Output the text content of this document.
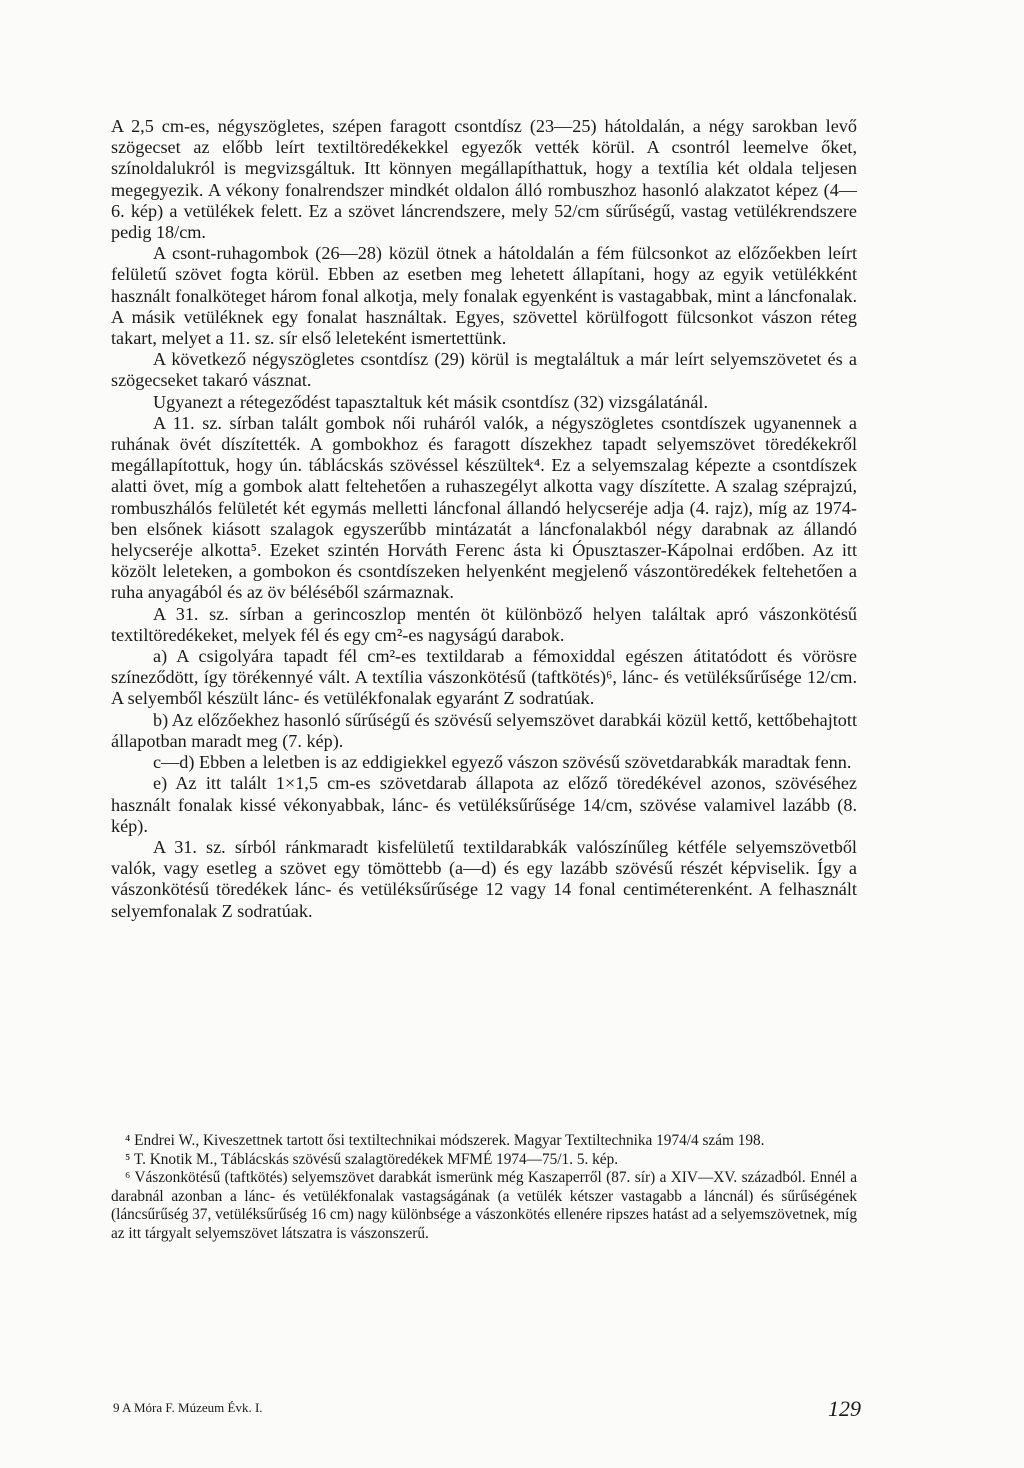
A 2,5 cm-es, négyszögletes, szépen faragott csontdísz (23—25) hátoldalán, a négy sarokban levő szögecset az előbb leírt textiltöredékekkel egyezők vették körül. A csontról leemelve őket, színoldalukról is megvizsgáltuk. Itt könnyen megállapíthattuk, hogy a textília két oldala teljesen megegyezik. A vékony fonalrendszer mindkét oldalon álló rombuszhoz hasonló alakzatot képez (4—6. kép) a vetülékek felett. Ez a szövet láncrendszere, mely 52/cm sűrűségű, vastag vetülékrendszere pedig 18/cm.

A csont-ruhagombok (26—28) közül ötnek a hátoldalán a fém fülcsonkot az előzőekben leírt felületű szövet fogta körül. Ebben az esetben meg lehetett állapítani, hogy az egyik vetülékként használt fonalköteget három fonal alkotja, mely fonalak egyenként is vastagabbak, mint a láncfonalak. A másik vetüléknek egy fonalat használtak. Egyes, szövettel körülfogott fülcsonkot vászon réteg takart, melyet a 11. sz. sír első leleteként ismertettünk.

A következő négyszögletes csontdísz (29) körül is megtaláltuk a már leírt selyemszövetet és a szögecseket takaró vásznat.

Ugyanezt a rétegeződést tapasztaltuk két másik csontdísz (32) vizsgálatánál.

A 11. sz. sírban talált gombok női ruháról valók, a négyszögletes csontdíszek ugyanennek a ruhának övét díszítették. A gombokhoz és faragott díszekhez tapadt selyemszövet töredékekről megállapítottuk, hogy ún. táblácskás szövéssel készültek⁴. Ez a selyemszalag képezte a csontdíszek alatti övet, míg a gombok alatt feltehetően a ruhaszegélyt alkotta vagy díszítette. A szalag széprajzú, rombuszhálós felületét két egymás melletti láncfonal állandó helycseréje adja (4. rajz), míg az 1974-ben elsőnek kiásott szalagok egyszerűbb mintázatát a láncfonalakból négy darabnak az állandó helycseréje alkotta⁵. Ezeket szintén Horváth Ferenc ásta ki Ópusztaszer-Kápolnai erdőben. Az itt közölt leleteken, a gombokon és csontdíszeken helyenként megjelenő vászontöredékek feltehetően a ruha anyagából és az öv béléséből származnak.

A 31. sz. sírban a gerincoszlop mentén öt különböző helyen találtak apró vászonkötésű textiltöredékeket, melyek fél és egy cm²-es nagyságú darabok.

a) A csigolyára tapadt fél cm²-es textildarab a fémoxiddal egészen átitatódott és vörösre színeződött, így törékennyé vált. A textília vászonkötésű (taftkötés)⁶, lánc- és vetüléksűrűsége 12/cm. A selyemből készült lánc- és vetülékfonalak egyaránt Z sodratúak.

b) Az előzőekhez hasonló sűrűségű és szövésű selyemszövet darabkái közül kettő, kettőbehajtott állapotban maradt meg (7. kép).

c—d) Ebben a leletben is az eddigiekkel egyező vászon szövésű szövetdarabkák maradtak fenn.

e) Az itt talált 1×1,5 cm-es szövetdarab állapota az előző töredékével azonos, szövéséhez használt fonalak kissé vékonyabbak, lánc- és vetüléksűrűsége 14/cm, szövése valamivel lazább (8. kép).

A 31. sz. sírból ránkmaradt kisfelületű textildarabkák valószínűleg kétféle selyemszövetből valók, vagy esetleg a szövet egy tömöttebb (a—d) és egy lazább szövésű részét képviselik. Így a vászonkötésű töredékek lánc- és vetüléksűrűsége 12 vagy 14 fonal centiméterenként. A felhasznált selyemfonalak Z sodratúak.

⁴ Endrei W., Kiveszettnek tartott ősi textiltechnikai módszerek. Magyar Textiltechnika 1974/4 szám 198.

⁵ T. Knotik M., Táblácskás szövésű szalagtöredékek MFMÉ 1974—75/1. 5. kép.

⁶ Vászonkötésű (taftkötés) selyemszövet darabkát ismerünk még Kaszaperről (87. sír) a XIV—XV. századból. Ennél a darabnál azonban a lánc- és vetülékfonalak vastagságának (a vetülék kétszer vastagabb a láncnál) és sűrűségének (láncsűrűség 37, vetüléksűrűség 16 cm) nagy különbsége a vászonkötés ellenére ripszes hatást ad a selyemszövetnek, míg az itt tárgyalt selyemszövet látszatra is vászonszerű.

9 A Móra F. Múzeum Évk. I.	129
